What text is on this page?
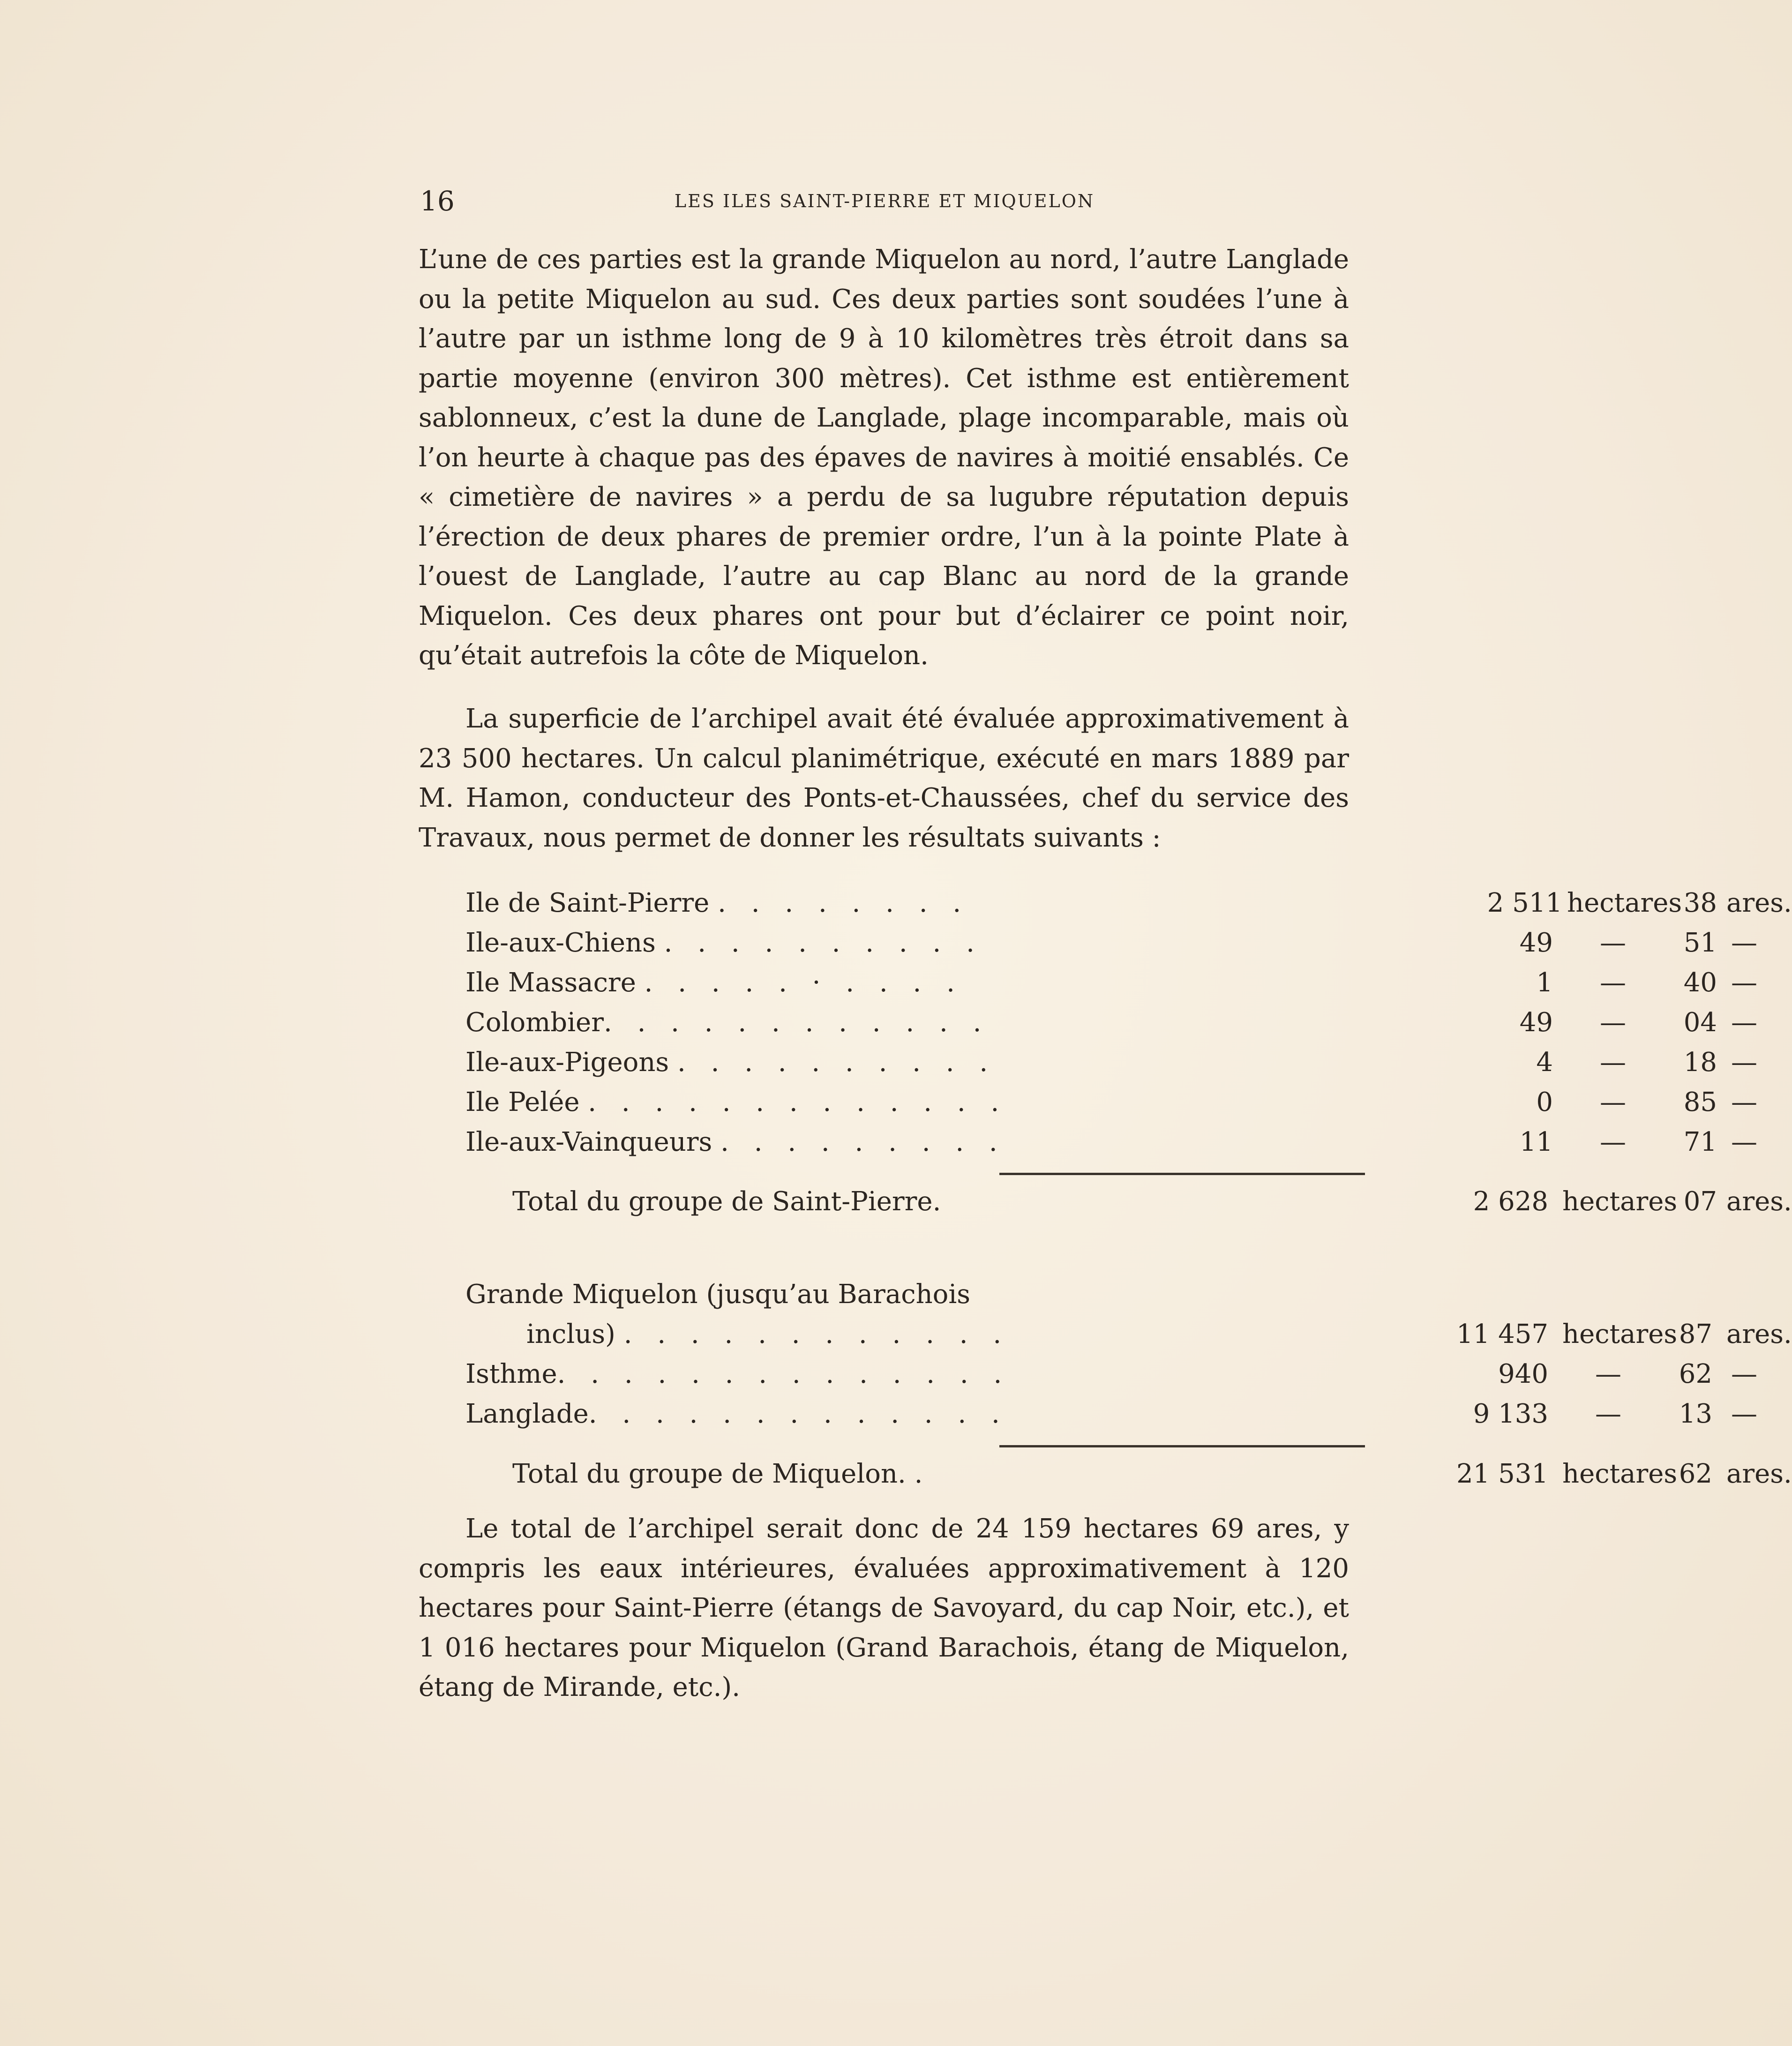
16	LES ILES SAINT-PIERRE ET MIQUELON

L’une de ces parties est la grande Miquelon au nord, l’autre Langlade ou la petite Miquelon au sud. Ces deux parties sont soudées l’une à l’autre par un isthme long de 9 à 10 kilomètres très étroit dans sa partie moyenne (environ 300 mètres). Cet isthme est entièrement sablonneux, c’est la dune de Langlade, plage incomparable, mais où l’on heurte à chaque pas des épaves de navires à moitié ensablés. Ce « cimetière de navires » a perdu de sa lugubre réputation depuis l’érection de deux phares de premier ordre, l’un à la pointe Plate à l’ouest de Langlade, l’autre au cap Blanc au nord de la grande Miquelon. Ces deux phares ont pour but d’éclairer ce point noir, qu’était autrefois la côte de Miquelon.

La superficie de l’archipel avait été évaluée approximativement à 23 500 hectares. Un calcul planimétrique, exécuté en mars 1889 par M. Hamon, conducteur des Ponts-et-Chaussées, chef du service des Travaux, nous permet de donner les résultats suivants :

Ile de Saint-Pierre . . . . . . . .	2 511 hectares 38 ares.
Ile-aux-Chiens . . . . . . . . . .	49 —	51 —
Ile Massacre . . . . . · . . . .	1 —	40 —
Colombier. . . . . . . . . . . .	49 —	04 —
Ile-aux-Pigeons . . . . . . . . . .	4 —	18 —
Ile Pelée . . . . . . . . . . . . .	0 —	85 —
Ile-aux-Vainqueurs . . . . . . . . .	11 —	71 —
Total du groupe de Saint-Pierre.	2 628 hectares 07 ares.
Grande Miquelon (jusqu’au Barachois
inclus) . . . . . . . . . . . .	11 457 hectares 87 ares.
Isthme. . . . . . . . . . . . . .	940 —	62 —
Langlade. . . . . . . . . . . . .	9 133 —	13 —
Total du groupe de Miquelon. .	21 531 hectares 62 ares.

Le total de l’archipel serait donc de 24 159 hectares 69 ares, y compris les eaux intérieures, évaluées approximativement à 120 hectares pour Saint-Pierre (étangs de Savoyard, du cap Noir, etc.), et 1 016 hectares pour Miquelon (Grand Barachois, étang de Miquelon, étang de Mirande, etc.).
